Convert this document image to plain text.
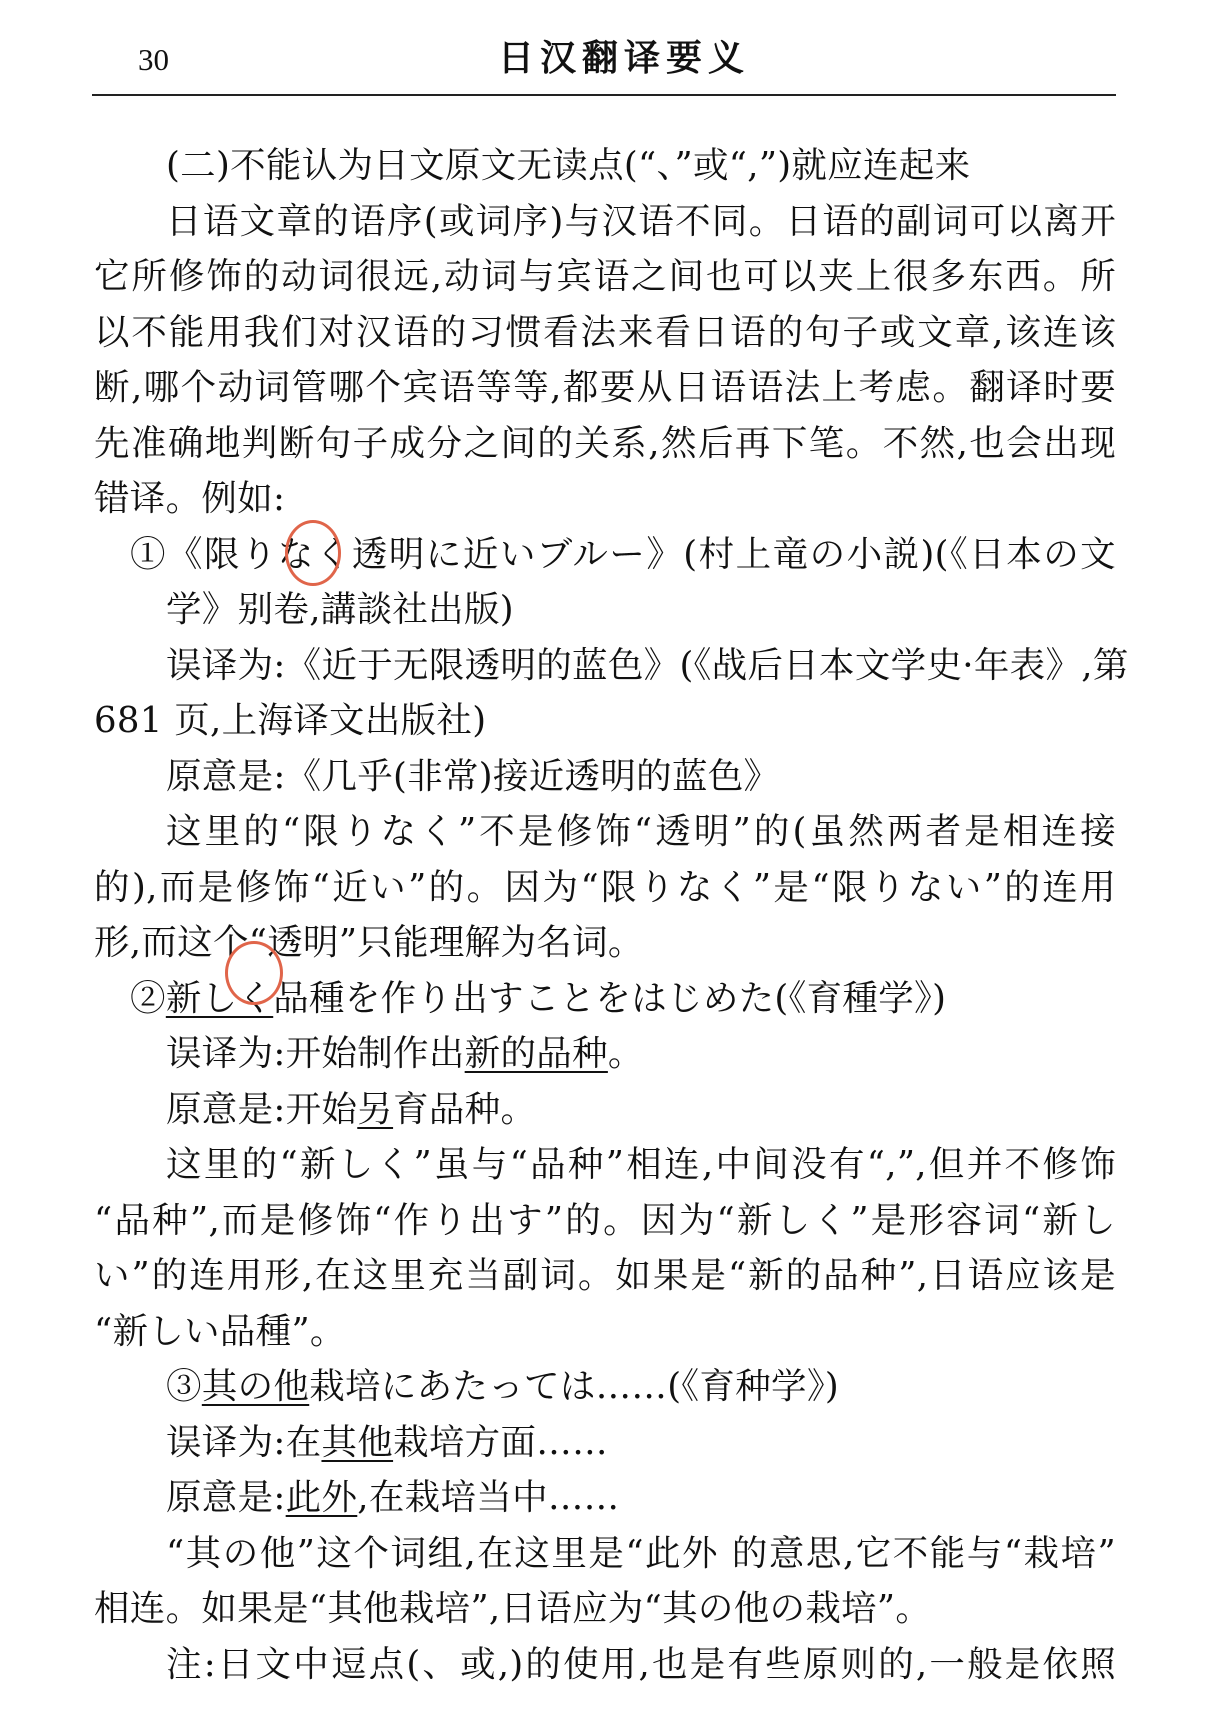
30	日汉翻译要义
(二)不能认为日文原文无读点(“、”或“,”)就应连起来
日语文章的语序(或词序)与汉语不同。日语的副词可以离开
它所修饰的动词很远,动词与宾语之间也可以夹上很多东西。所
以不能用我们对汉语的习惯看法来看日语的句子或文章,该连该
断,哪个动词管哪个宾语等等,都要从日语语法上考虑。翻译时要
先准确地判断句子成分之间的关系,然后再下笔。不然,也会出现
错译。例如:
①《限りなく透明に近いブルー》(村上竜の小説)(《日本の文
学》别卷,講談社出版)
误译为:《近于无限透明的蓝色》(《战后日本文学史·年表》,第
681 页,上海译文出版社)
原意是:《几乎(非常)接近透明的蓝色》
这里的“限りなく”不是修饰“透明”的(虽然两者是相连接
的),而是修饰“近い”的。因为“限りなく”是“限りない”的连用
形,而这个“透明”只能理解为名词。
②新しく品種を作り出すことをはじめた(《育種学》)
误译为:开始制作出新的品种。
原意是:开始另育品种。
这里的“新しく”虽与“品种”相连,中间没有“,”,但并不修饰
“品种”,而是修饰“作り出す”的。因为“新しく”是形容词“新し
い”的连用形,在这里充当副词。如果是“新的品种”,日语应该是
“新しい品種”。
③其の他栽培にあたっては……(《育种学》)
误译为:在其他栽培方面……
原意是:此外,在栽培当中……
“其の他”这个词组,在这里是“此外 的意思,它不能与“栽培”
相连。如果是“其他栽培”,日语应为“其の他の栽培”。
注:日文中逗点(、或,)的使用,也是有些原则的,一般是依照
